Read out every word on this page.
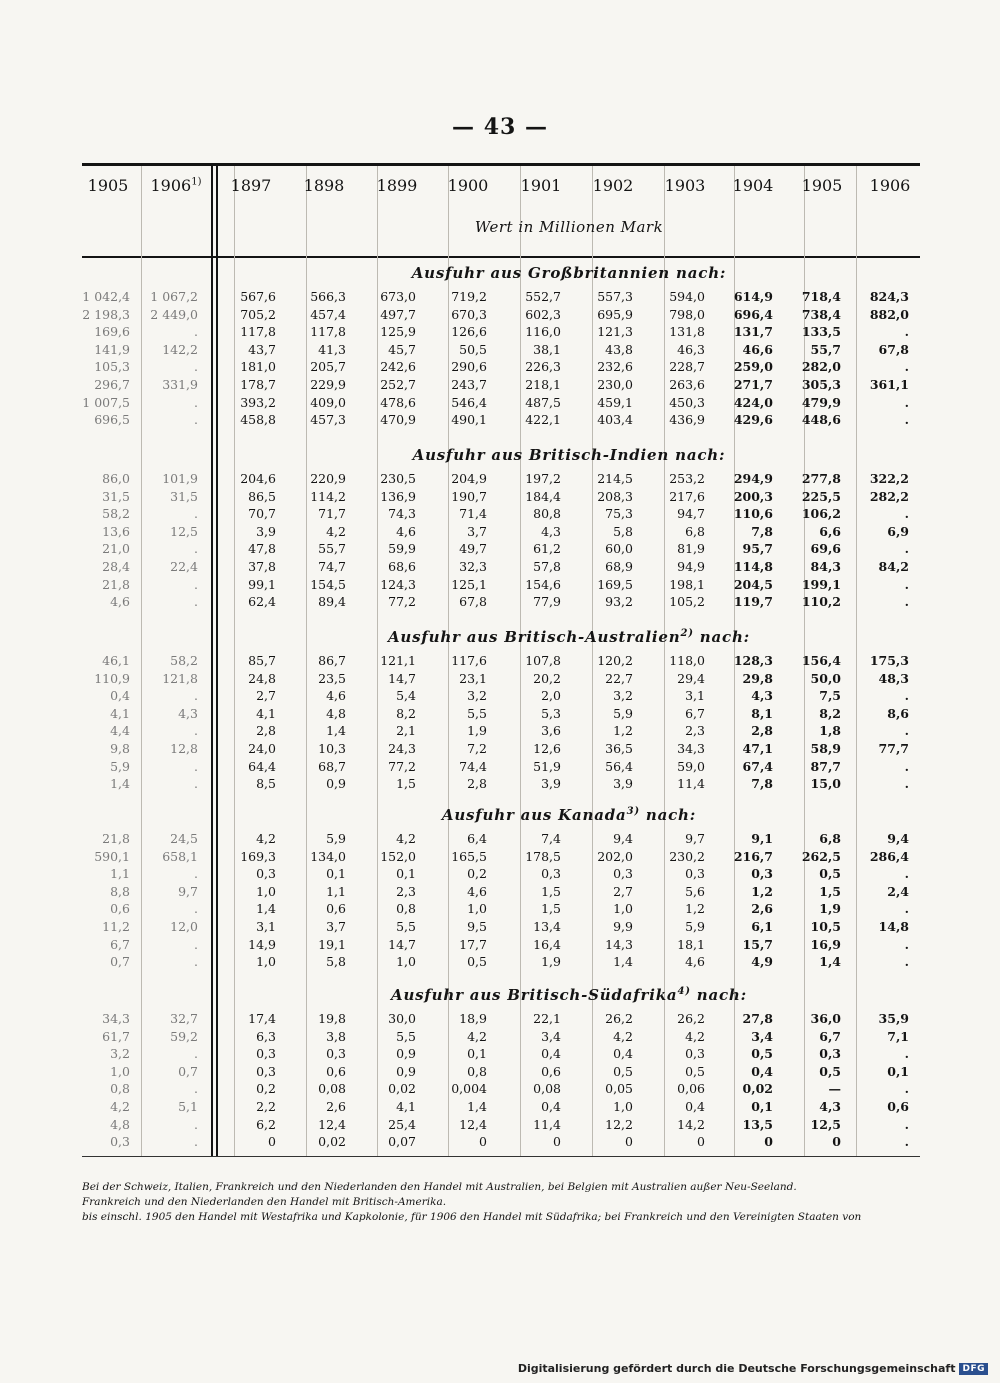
— 43 —
1905	1906$^{1)}$	1897	1898	1899	1900	1901	1902	1903	1904	1905	1906
Wert in Millionen Mark
Ausfuhr aus Großbritannien nach:
1 042,4	1 067,2	567,6	566,3	673,0	719,2	552,7	557,3	594,0	614,9	718,4	824,3
2 198,3	2 449,0	705,2	457,4	497,7	670,3	602,3	695,9	798,0	696,4	738,4	882,0
169,6	.	117,8	117,8	125,9	126,6	116,0	121,3	131,8	131,7	133,5	.
141,9	142,2	43,7	41,3	45,7	50,5	38,1	43,8	46,3	46,6	55,7	67,8
105,3	.	181,0	205,7	242,6	290,6	226,3	232,6	228,7	259,0	282,0	.
296,7	331,9	178,7	229,9	252,7	243,7	218,1	230,0	263,6	271,7	305,3	361,1
1 007,5	.	393,2	409,0	478,6	546,4	487,5	459,1	450,3	424,0	479,9	.
696,5	.	458,8	457,3	470,9	490,1	422,1	403,4	436,9	429,6	448,6	.
Ausfuhr aus Britisch-Indien nach:
86,0	101,9	204,6	220,9	230,5	204,9	197,2	214,5	253,2	294,9	277,8	322,2
31,5	31,5	86,5	114,2	136,9	190,7	184,4	208,3	217,6	200,3	225,5	282,2
58,2	.	70,7	71,7	74,3	71,4	80,8	75,3	94,7	110,6	106,2	.
13,6	12,5	3,9	4,2	4,6	3,7	4,3	5,8	6,8	7,8	6,6	6,9
21,0	.	47,8	55,7	59,9	49,7	61,2	60,0	81,9	95,7	69,6	.
28,4	22,4	37,8	74,7	68,6	32,3	57,8	68,9	94,9	114,8	84,3	84,2
21,8	.	99,1	154,5	124,3	125,1	154,6	169,5	198,1	204,5	199,1	.
4,6	.	62,4	89,4	77,2	67,8	77,9	93,2	105,2	119,7	110,2	.
Ausfuhr aus Britisch-Australien$^{2)}$ nach:
46,1	58,2	85,7	86,7	121,1	117,6	107,8	120,2	118,0	128,3	156,4	175,3
110,9	121,8	24,8	23,5	14,7	23,1	20,2	22,7	29,4	29,8	50,0	48,3
0,4	.	2,7	4,6	5,4	3,2	2,0	3,2	3,1	4,3	7,5	.
4,1	4,3	4,1	4,8	8,2	5,5	5,3	5,9	6,7	8,1	8,2	8,6
4,4	.	2,8	1,4	2,1	1,9	3,6	1,2	2,3	2,8	1,8	.
9,8	12,8	24,0	10,3	24,3	7,2	12,6	36,5	34,3	47,1	58,9	77,7
5,9	.	64,4	68,7	77,2	74,4	51,9	56,4	59,0	67,4	87,7	.
1,4	.	8,5	0,9	1,5	2,8	3,9	3,9	11,4	7,8	15,0	.
Ausfuhr aus Kanada$^{3)}$ nach:
21,8	24,5	4,2	5,9	4,2	6,4	7,4	9,4	9,7	9,1	6,8	9,4
590,1	658,1	169,3	134,0	152,0	165,5	178,5	202,0	230,2	216,7	262,5	286,4
1,1	.	0,3	0,1	0,1	0,2	0,3	0,3	0,3	0,3	0,5	.
8,8	9,7	1,0	1,1	2,3	4,6	1,5	2,7	5,6	1,2	1,5	2,4
0,6	.	1,4	0,6	0,8	1,0	1,5	1,0	1,2	2,6	1,9	.
11,2	12,0	3,1	3,7	5,5	9,5	13,4	9,9	5,9	6,1	10,5	14,8
6,7	.	14,9	19,1	14,7	17,7	16,4	14,3	18,1	15,7	16,9	.
0,7	.	1,0	5,8	1,0	0,5	1,9	1,4	4,6	4,9	1,4	.
Ausfuhr aus Britisch-Südafrika$^{4)}$ nach:
34,3	32,7	17,4	19,8	30,0	18,9	22,1	26,2	26,2	27,8	36,0	35,9
61,7	59,2	6,3	3,8	5,5	4,2	3,4	4,2	4,2	3,4	6,7	7,1
3,2	.	0,3	0,3	0,9	0,1	0,4	0,4	0,3	0,5	0,3	.
1,0	0,7	0,3	0,6	0,9	0,8	0,6	0,5	0,5	0,4	0,5	0,1
0,8	.	0,2	0,08	0,02	0,004	0,08	0,05	0,06	0,02	—	.
4,2	5,1	2,2	2,6	4,1	1,4	0,4	1,0	0,4	0,1	4,3	0,6
4,8	.	6,2	12,4	25,4	12,4	11,4	12,2	14,2	13,5	12,5	.
0,3	.	0	0,02	0,07	0	0	0	0	0	0	.
Bei der Schweiz, Italien, Frankreich und den Niederlanden den Handel mit Australien, bei Belgien mit Australien außer Neu-Seeland.
Frankreich und den Niederlanden den Handel mit Britisch-Amerika.
bis einschl. 1905 den Handel mit Westafrika und Kapkolonie, für 1906 den Handel mit Südafrika; bei Frankreich und den Vereinigten Staaten von
Digitalisierung gefördert durch die Deutsche Forschungsgemeinschaft DFG
